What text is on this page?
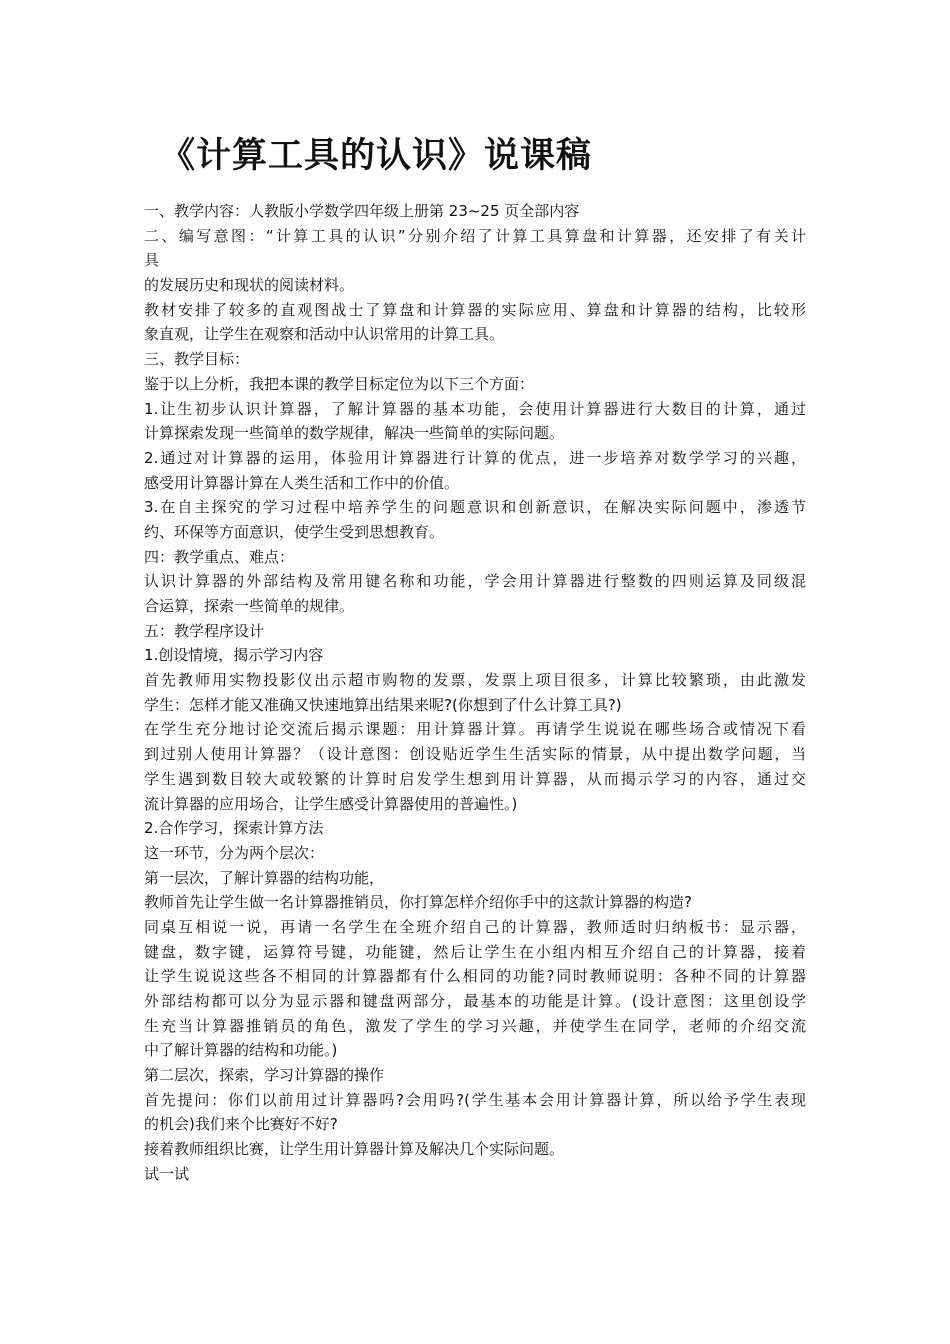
《计算工具的认识》说课稿
一、教学内容：人教版小学数学四年级上册第 23~25 页全部内容
二、编写意图：“计算工具的认识”分别介绍了计算工具算盘和计算器，还安排了有关计
具
的发展历史和现状的阅读材料。
教材安排了较多的直观图战士了算盘和计算器的实际应用、算盘和计算器的结构，比较形
象直观，让学生在观察和活动中认识常用的计算工具。
三、教学目标：
鉴于以上分析，我把本课的教学目标定位为以下三个方面：
1.让生初步认识计算器，了解计算器的基本功能，会使用计算器进行大数目的计算，通过
计算探索发现一些简单的数学规律，解决一些简单的实际问题。
2.通过对计算器的运用，体验用计算器进行计算的优点，进一步培养对数学学习的兴趣，
感受用计算器计算在人类生活和工作中的价值。
3.在自主探究的学习过程中培养学生的问题意识和创新意识，在解决实际问题中，渗透节
约、环保等方面意识，使学生受到思想教育。
四：教学重点、难点：
认识计算器的外部结构及常用键名称和功能，学会用计算器进行整数的四则运算及同级混
合运算，探索一些简单的规律。
五：教学程序设计
1.创设情境，揭示学习内容
首先教师用实物投影仪出示超市购物的发票，发票上项目很多，计算比较繁琐，由此激发
学生：怎样才能又准确又快速地算出结果来呢?(你想到了什么计算工具?)
在学生充分地讨论交流后揭示课题：用计算器计算。再请学生说说在哪些场合或情况下看
到过别人使用计算器？（设计意图：创设贴近学生生活实际的情景，从中提出数学问题，当
学生遇到数目较大或较繁的计算时启发学生想到用计算器，从而揭示学习的内容，通过交
流计算器的应用场合，让学生感受计算器使用的普遍性。)
2.合作学习，探索计算方法
这一环节，分为两个层次：
第一层次，了解计算器的结构功能，
教师首先让学生做一名计算器推销员，你打算怎样介绍你手中的这款计算器的构造?
同桌互相说一说，再请一名学生在全班介绍自己的计算器，教师适时归纳板书：显示器，
键盘，数字键，运算符号键，功能键，然后让学生在小组内相互介绍自己的计算器，接着
让学生说说这些各不相同的计算器都有什么相同的功能?同时教师说明：各种不同的计算器
外部结构都可以分为显示器和键盘两部分，最基本的功能是计算。(设计意图：这里创设学
生充当计算器推销员的角色，激发了学生的学习兴趣，并使学生在同学，老师的介绍交流
中了解计算器的结构和功能。)
第二层次，探索，学习计算器的操作
首先提问：你们以前用过计算器吗?会用吗?(学生基本会用计算器计算，所以给予学生表现
的机会)我们来个比赛好不好?
接着教师组织比赛，让学生用计算器计算及解决几个实际问题。
试一试
